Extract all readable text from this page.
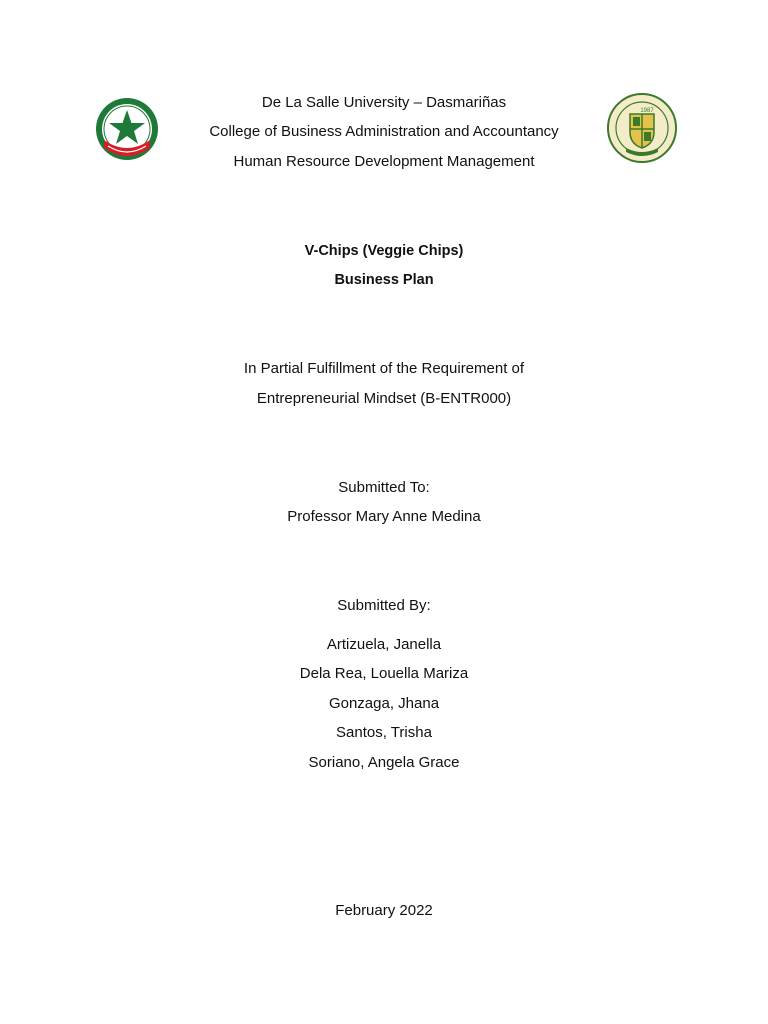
1987
De La Salle University – Dasmariñas
College of Business Administration and Accountancy
Human Resource Development Management
V-Chips (Veggie Chips)
Business Plan
In Partial Fulfillment of the Requirement of
Entrepreneurial Mindset (B-ENTR000)
Submitted To:
Professor Mary Anne Medina
Submitted By:
Artizuela, Janella
Dela Rea, Louella Mariza
Gonzaga, Jhana
Santos, Trisha
Soriano, Angela Grace
February 2022
